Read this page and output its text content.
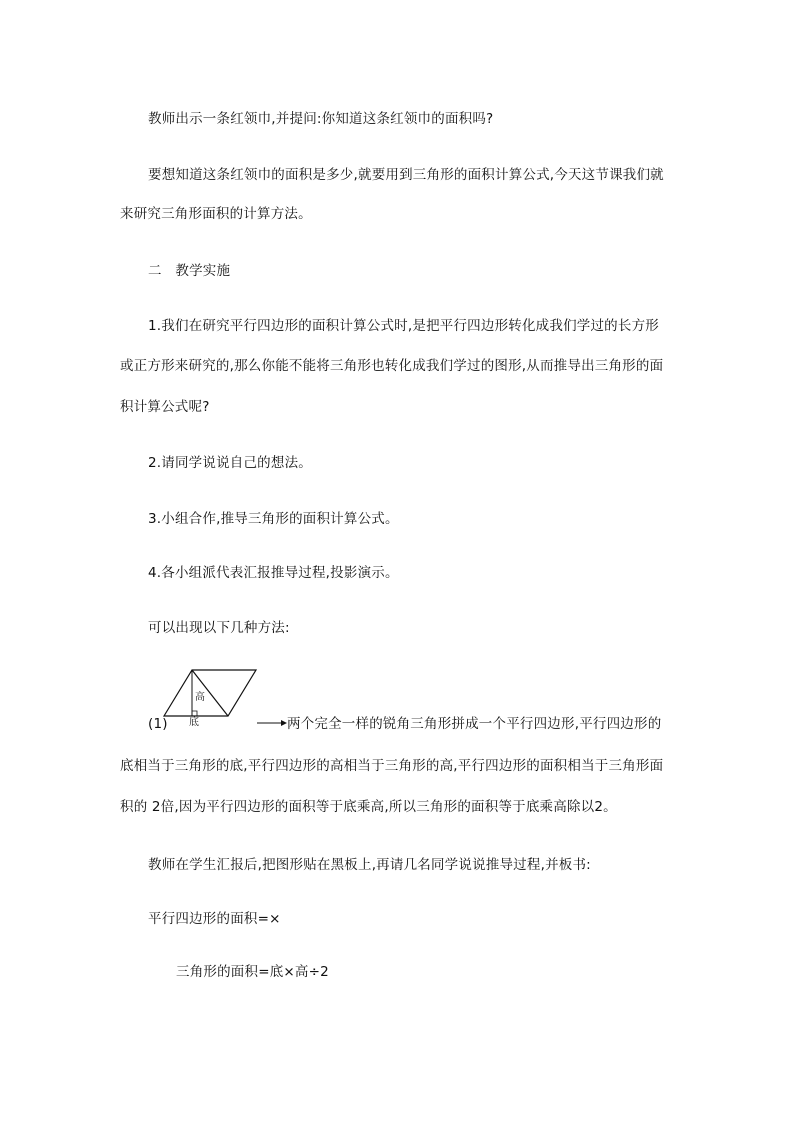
教师出示一条红领巾,并提问:你知道这条红领巾的面积吗?
要想知道这条红领巾的面积是多少,就要用到三角形的面积计算公式,今天这节课我们就
来研究三角形面积的计算方法。
二　教学实施
1.我们在研究平行四边形的面积计算公式时,是把平行四边形转化成我们学过的长方形
或正方形来研究的,那么你能不能将三角形也转化成我们学过的图形,从而推导出三角形的面
积计算公式呢?
2.请同学说说自己的想法。
3.小组合作,推导三角形的面积计算公式。
4.各小组派代表汇报推导过程,投影演示。
可以出现以下几种方法:
高
底
(1)	两个完全一样的锐角三角形拼成一个平行四边形,平行四边形的
底相当于三角形的底,平行四边形的高相当于三角形的高,平行四边形的面积相当于三角形面
积的 2倍,因为平行四边形的面积等于底乘高,所以三角形的面积等于底乘高除以2。
教师在学生汇报后,把图形贴在黑板上,再请几名同学说说推导过程,并板书:
平行四边形的面积=×
三角形的面积=底×高÷2
